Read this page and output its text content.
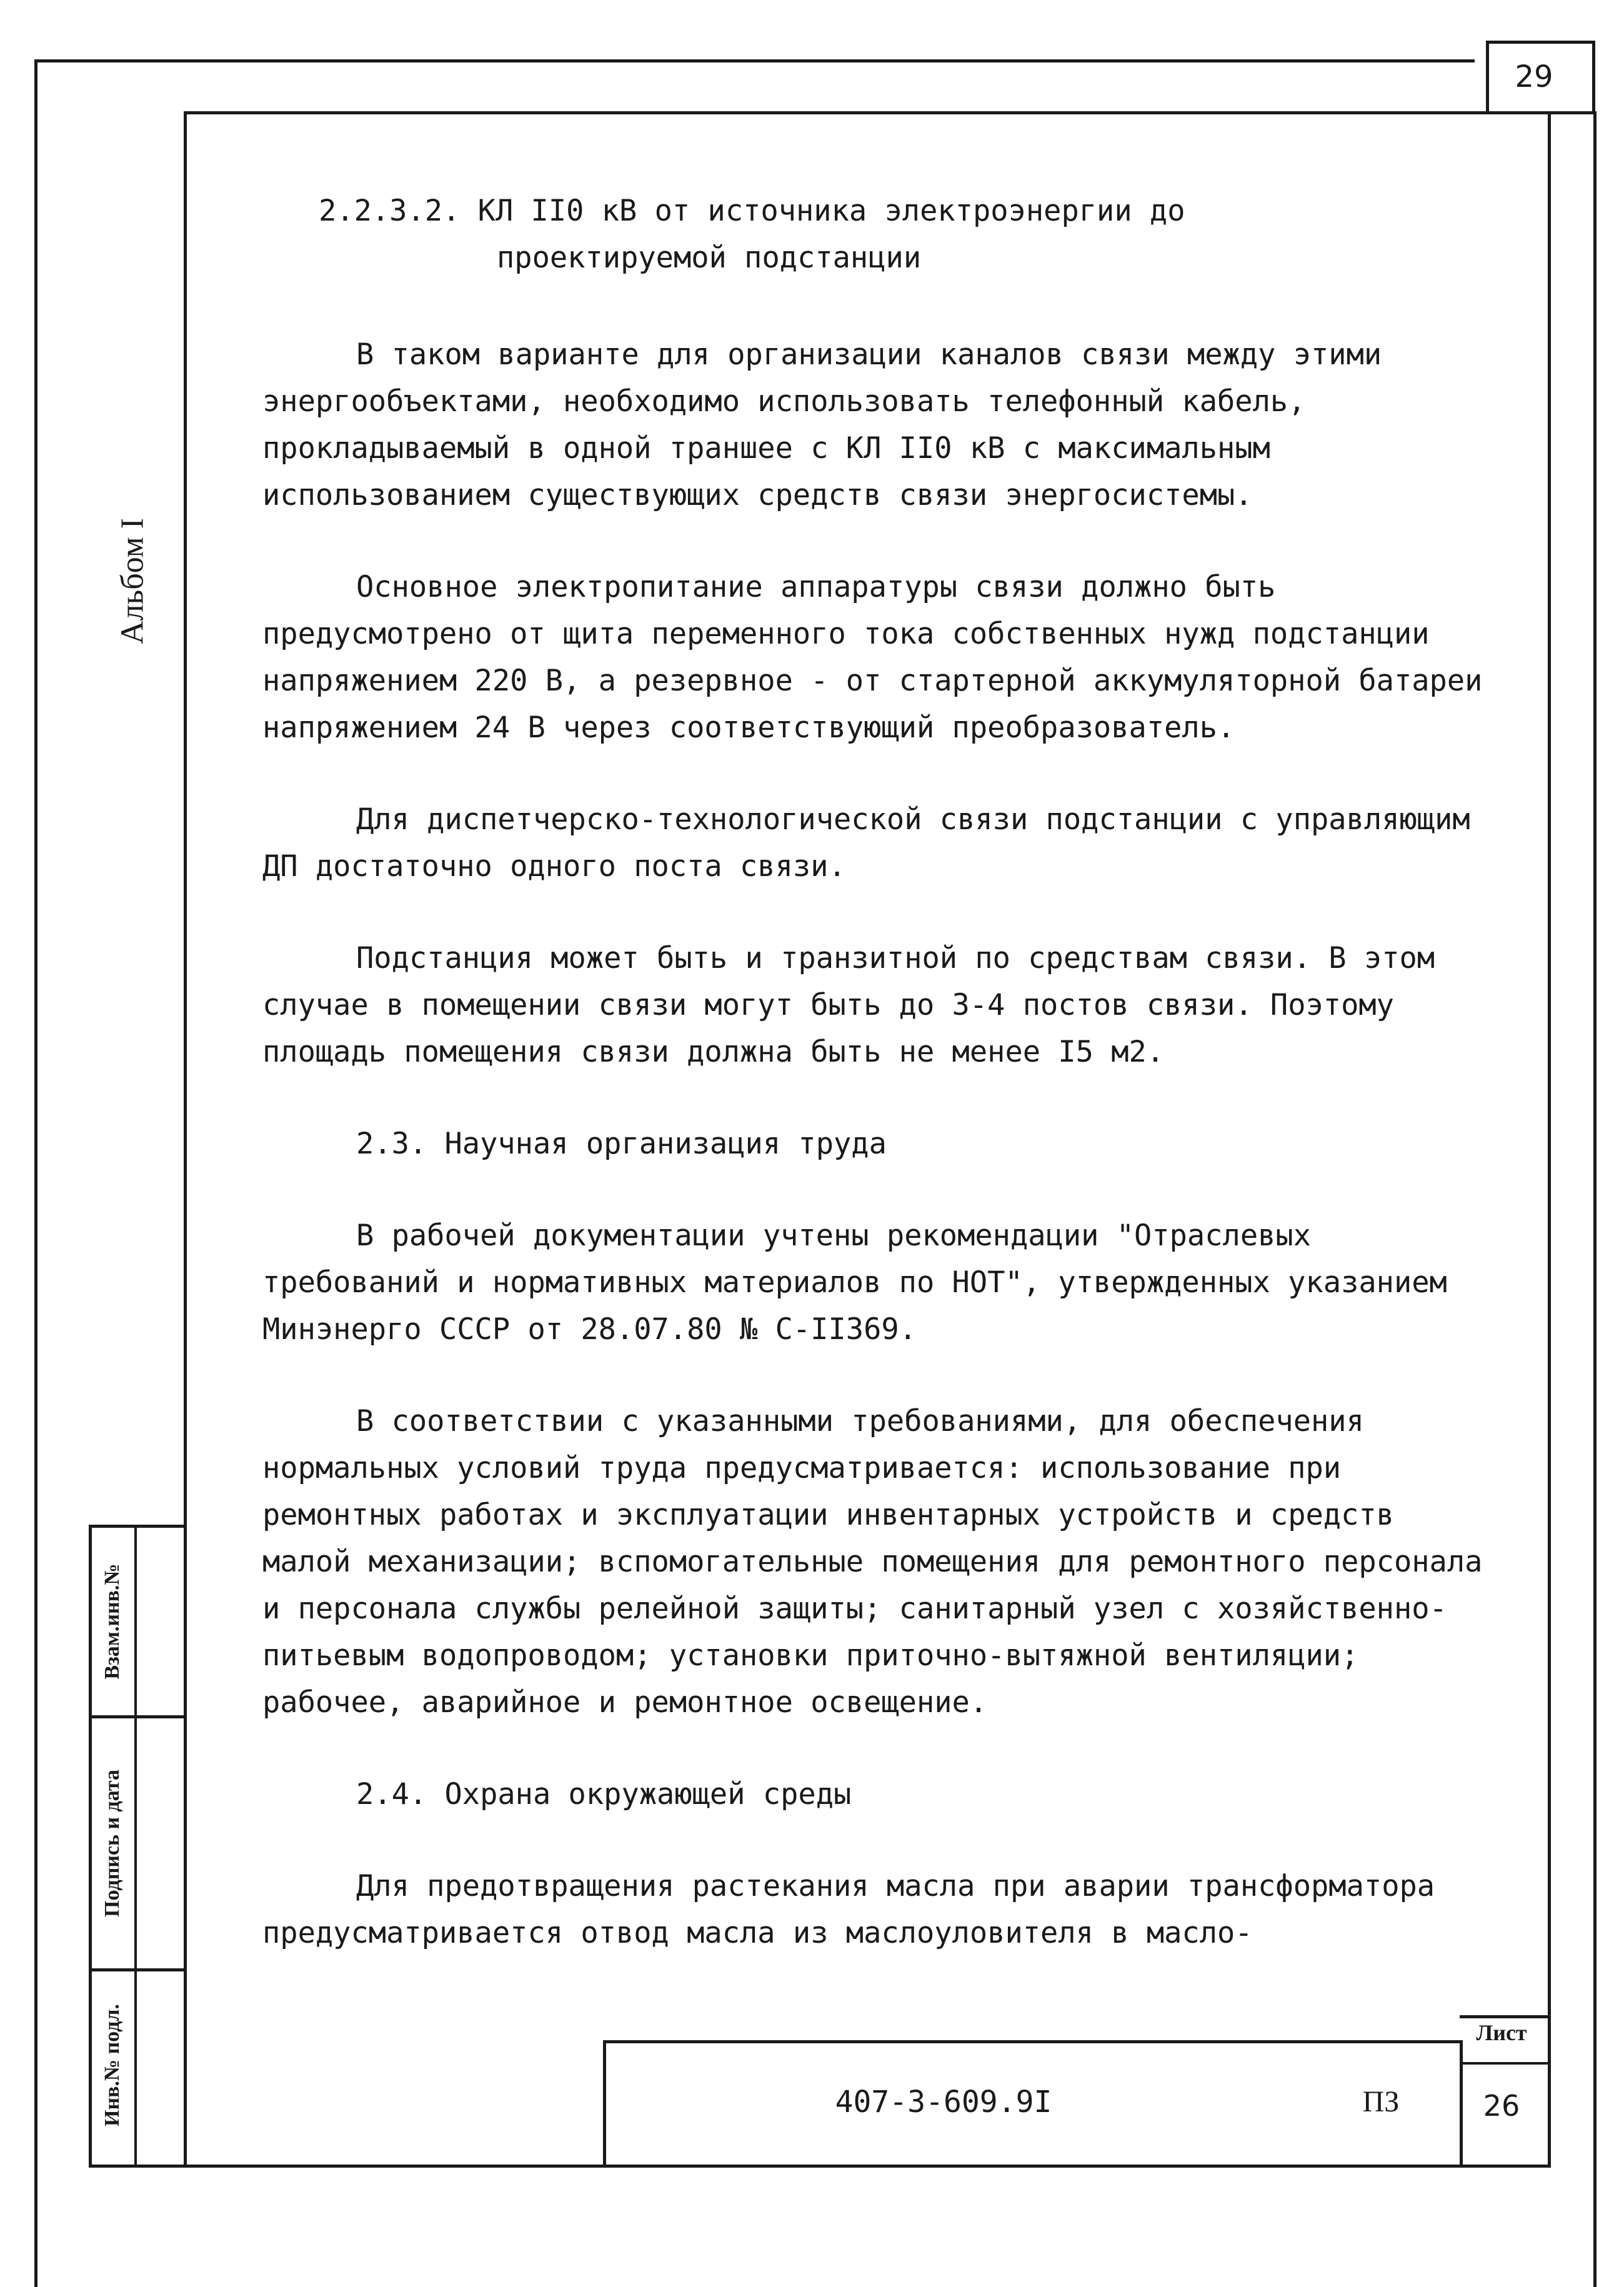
29
Альбом I
Инв.№ подл.
Подпись и дата
Взам.инв.№
2.2.3.2. КЛ II0 кВ от источника электроэнергии до
проектируемой подстанции
В таком варианте для организации каналов связи между этими энергообъектами, необходимо использовать телефонный кабель, прокладываемый в одной траншее с КЛ II0 кВ с максимальным использованием существующих средств связи энергосистемы.
Основное электропитание аппаратуры связи должно быть предусмотрено от щита переменного тока собственных нужд подстанции напряжением 220 В, а резервное - от стартерной аккумуляторной батареи напряжением 24 В через соответствующий преобразователь.
Для диспетчерско-технологической связи подстанции с управляющим ДП достаточно одного поста связи.
Подстанция может быть и транзитной по средствам связи. В этом случае в помещении связи могут быть до 3-4 постов связи. Поэтому площадь помещения связи должна быть не менее I5 м2.
2.3. Научная организация труда
В рабочей документации учтены рекомендации "Отраслевых требований и нормативных материалов по НОТ", утвержденных указанием Минэнерго СССР от 28.07.80 № С-II369.
В соответствии с указанными требованиями, для обеспечения нормальных условий труда предусматривается: использование при ремонтных работах и эксплуатации инвентарных устройств и средств малой механизации; вспомогательные помещения для ремонтного персонала и персонала службы релейной защиты; санитарный узел с хозяйственно-питьевым водопроводом; установки приточно-вытяжной вентиляции; рабочее, аварийное и ремонтное освещение.
2.4. Охрана окружающей среды
Для предотвращения растекания масла при аварии трансформатора предусматривается отвод масла из маслоуловителя в масло-
407-3-609.9I	ПЗ
Лист
26
